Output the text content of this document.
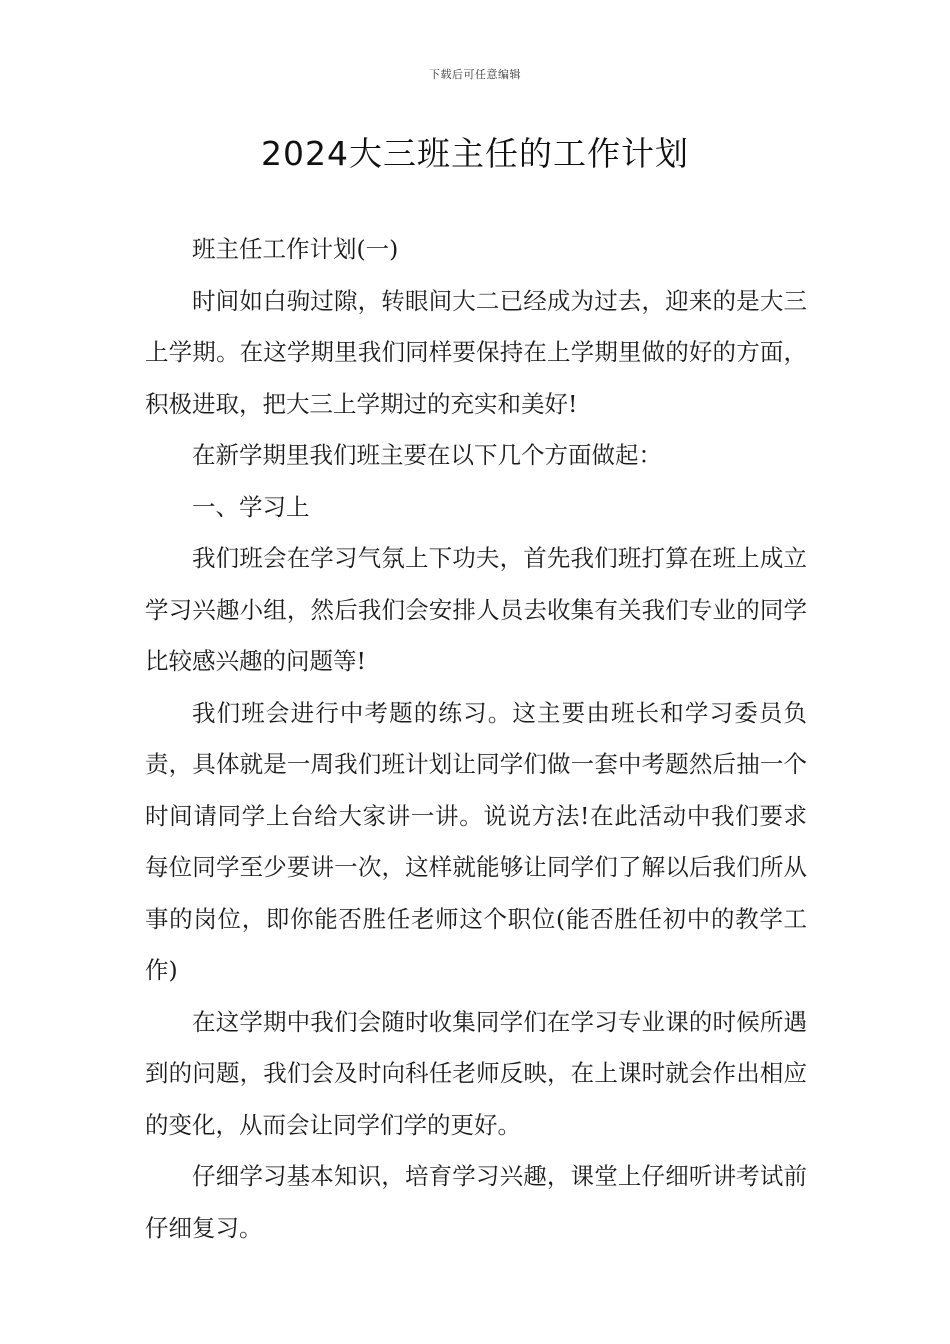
下载后可任意编辑
2024大三班主任的工作计划

班主任工作计划(一)

时间如白驹过隙，转眼间大二已经成为过去，迎来的是大三上学期。在这学期里我们同样要保持在上学期里做的好的方面，积极进取，把大三上学期过的充实和美好!

在新学期里我们班主要在以下几个方面做起：

一、学习上

我们班会在学习气氛上下功夫，首先我们班打算在班上成立学习兴趣小组，然后我们会安排人员去收集有关我们专业的同学比较感兴趣的问题等!

我们班会进行中考题的练习。这主要由班长和学习委员负责，具体就是一周我们班计划让同学们做一套中考题然后抽一个时间请同学上台给大家讲一讲。说说方法!在此活动中我们要求每位同学至少要讲一次，这样就能够让同学们了解以后我们所从事的岗位，即你能否胜任老师这个职位(能否胜任初中的教学工作)

在这学期中我们会随时收集同学们在学习专业课的时候所遇到的问题，我们会及时向科任老师反映，在上课时就会作出相应的变化，从而会让同学们学的更好。

仔细学习基本知识，培育学习兴趣，课堂上仔细听讲考试前仔细复习。
